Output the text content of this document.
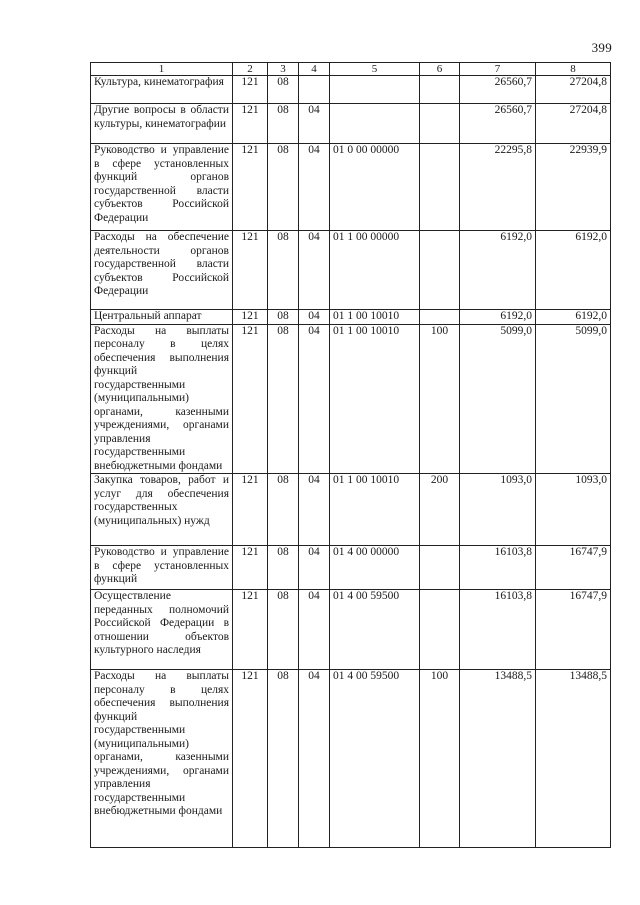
399
1	2	3	4	5	6	7	8
Культура, кинематография	121	08				26560,7	27204,8
Другие вопросы в области культуры, кинематографии	121	08	04			26560,7	27204,8
Руководство и управление в сфере установленных функций органов государственной власти субъектов Российской Федерации	121	08	04	01 0 00 00000		22295,8	22939,9
Расходы на обеспечение деятельности органов государственной власти субъектов Российской Федерации	121	08	04	01 1 00 00000		6192,0	6192,0
Центральный аппарат	121	08	04	01 1 00 10010		6192,0	6192,0
Расходы на выплаты персоналу в целях обеспечения выполнения функций государственными (муниципальными) органами, казенными учреждениями, органами управления государственными внебюджетными фондами	121	08	04	01 1 00 10010	100	5099,0	5099,0
Закупка товаров, работ и услуг для обеспечения государственных (муниципальных) нужд	121	08	04	01 1 00 10010	200	1093,0	1093,0
Руководство и управление в сфере установленных функций	121	08	04	01 4 00 00000		16103,8	16747,9
Осуществление переданных полномочий Российской Федерации в отношении объектов культурного наследия	121	08	04	01 4 00 59500		16103,8	16747,9
Расходы на выплаты персоналу в целях обеспечения выполнения функций государственными (муниципальными) органами, казенными учреждениями, органами управления государственными внебюджетными фондами	121	08	04	01 4 00 59500	100	13488,5	13488,5
